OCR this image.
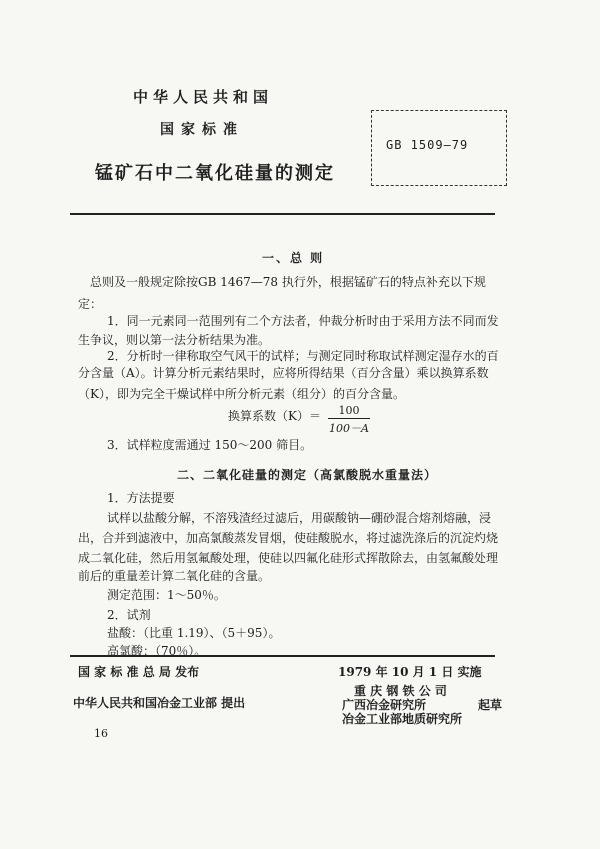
中华人民共和国
国家标准
锰矿石中二氧化硅量的测定
GB 1509—79
一、总 则
总则及一般规定除按GB 1467—78 执行外，根据锰矿石的特点补充以下规
定：
1．同一元素同一范围列有二个方法者，仲裁分析时由于采用方法不同而发
生争议，则以第一法分析结果为准。
2．分析时一律称取空气风干的试样；与测定同时称取试样测定湿存水的百
分含量（A）。计算分析元素结果时，应将所得结果（百分含量）乘以换算系数
（K），即为完全干燥试样中所分析元素（组分）的百分含量。
换算系数$(K)= \frac{100}{100-A}$
3．试样粒度需通过 150～200 筛目。
二、二氧化硅量的测定（高氯酸脱水重量法）
1．方法提要
试样以盐酸分解，不溶残渣经过滤后，用碳酸钠—硼砂混合熔剂熔融，浸
出，合并到滤液中，加高氯酸蒸发冒烟，使硅酸脱水，将过滤洗涤后的沉淀灼烧
成二氧化硅，然后用氢氟酸处理，使硅以四氟化硅形式挥散除去，由氢氟酸处理
前后的重量差计算二氧化硅的含量。
测定范围：1～50％。
2．试剂
盐酸：（比重 1.19）、（5＋95）。
高氯酸：（70％）。
国 家 标 准 总 局 发布	1979 年 10 月 1 日 实施
中华人民共和国冶金工业部 提出
重 庆 钢 铁 公 司
广西冶金研究所	起草
冶金工业部地质研究所
16
